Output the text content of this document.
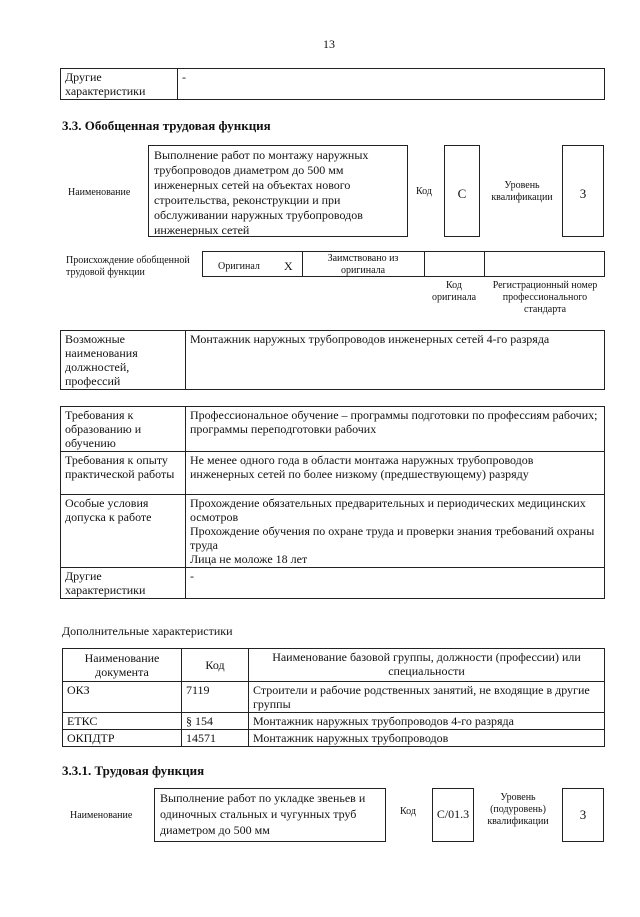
13
Другие характеристики	-
3.3. Обобщенная трудовая функция
Наименование
Выполнение работ по монтажу наружных трубопроводов диаметром до 500 мм инженерных сетей на объектах нового строительства, реконструкции и при обслуживании наружных трубопроводов инженерных сетей
Код	C
Уровень квалификации	3
Происхождение обобщенной трудовой функции
Оригинал X
Заимствовано из оригинала
Код оригинала
Регистрационный номер профессионального стандарта
Возможные наименования должностей, профессий	Монтажник наружных трубопроводов инженерных сетей 4-го разряда
Требования к образованию и обучению	Профессиональное обучение – программы подготовки по профессиям рабочих; программы переподготовки рабочих
Требования к опыту практической работы	Не менее одного года в области монтажа наружных трубопроводов инженерных сетей по более низкому (предшествующему) разряду
Особые условия допуска к работе	Прохождение обязательных предварительных и периодических медицинских осмотров
Прохождение обучения по охране труда и проверки знания требований охраны труда
Лица не моложе 18 лет

Другие характеристики	-
Дополнительные характеристики
Наименование документа	Код	Наименование базовой группы, должности (профессии) или специальности
ОКЗ	7119	Строители и рабочие родственных занятий, не входящие в другие группы
ЕТКС	§ 154	Монтажник наружных трубопроводов 4-го разряда
ОКПДТР	14571	Монтажник наружных трубопроводов
3.3.1. Трудовая функция
Наименование
Выполнение работ по укладке звеньев и одиночных стальных и чугунных труб диаметром до 500 мм
Код	C/01.3
Уровень (подуровень) квалификации	3
